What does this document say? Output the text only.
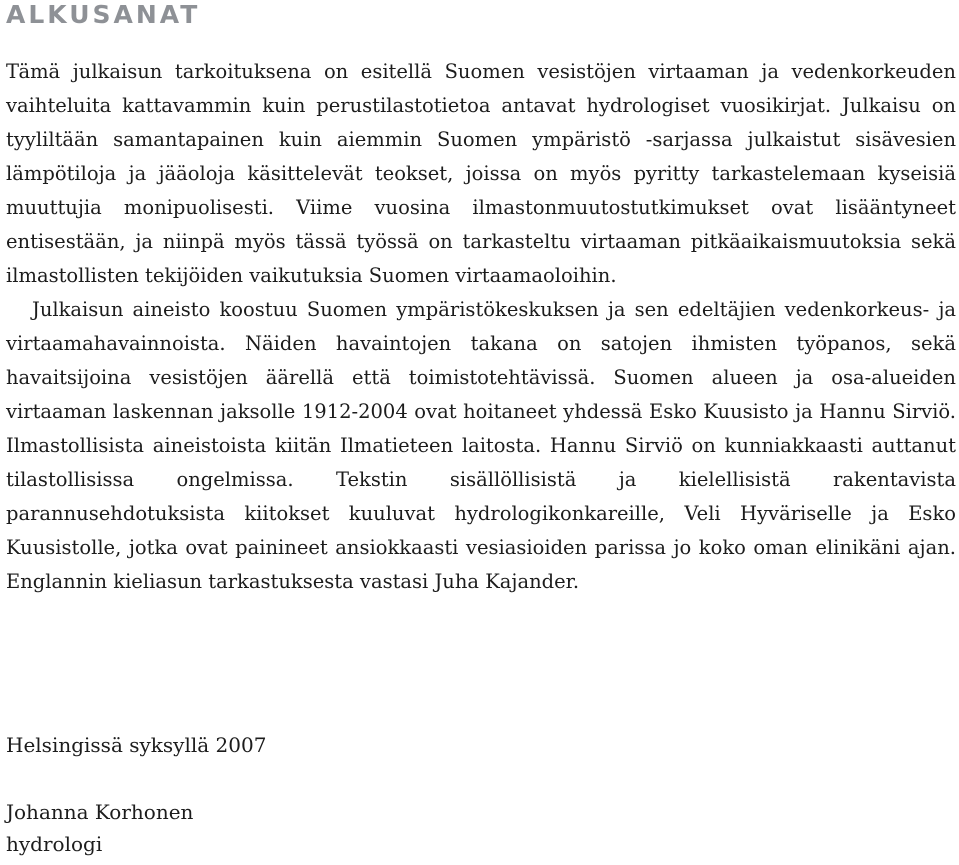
ALKUSANAT

Tämä julkaisun tarkoituksena on esitellä Suomen vesistöjen virtaaman ja vedenkorkeuden vaihteluita kattavammin kuin perustilastotietoa antavat hydrologiset vuosikirjat. Julkaisu on tyyliltään samantapainen kuin aiemmin Suomen ympäristö -sarjassa julkaistut sisävesien lämpötiloja ja jääoloja käsittelevät teokset, joissa on myös pyritty tarkastelemaan kyseisiä muuttujia monipuolisesti. Viime vuosina ilmastonmuutostutkimukset ovat lisääntyneet entisestään, ja niinpä myös tässä työssä on tarkasteltu virtaaman pitkäaikaismuutoksia sekä ilmastollisten tekijöiden vaikutuksia Suomen virtaamaoloihin.

Julkaisun aineisto koostuu Suomen ympäristökeskuksen ja sen edeltäjien vedenkorkeus- ja virtaamahavainnoista. Näiden havaintojen takana on satojen ihmisten työpanos, sekä havaitsijoina vesistöjen äärellä että toimistotehtävissä. Suomen alueen ja osa-alueiden virtaaman laskennan jaksolle 1912-2004 ovat hoitaneet yhdessä Esko Kuusisto ja Hannu Sirviö. Ilmastollisista aineistoista kiitän Ilmatieteen laitosta. Hannu Sirviö on kunniakkaasti auttanut tilastollisissa ongelmissa. Tekstin sisällöllisistä ja kielellisistä rakentavista parannusehdotuksista kiitokset kuuluvat hydrologikonkareille, Veli Hyväriselle ja Esko Kuusistolle, jotka ovat painineet ansiokkaasti vesiasioiden parissa jo koko oman elinikäni ajan. Englannin kieliasun tarkastuksesta vastasi Juha Kajander.

Helsingissä syksyllä 2007

Johanna Korhonen

hydrologi
